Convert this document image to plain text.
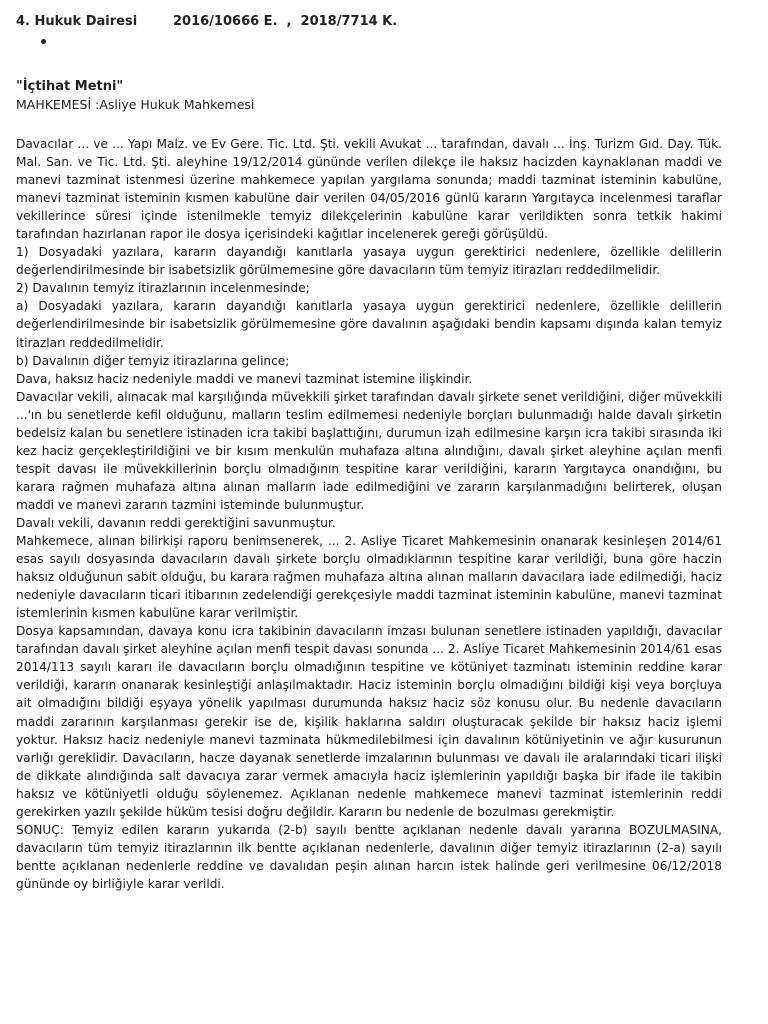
4. Hukuk Dairesi	2016/10666 E.  ,  2018/7714 K.
"İçtihat Metni"
MAHKEMESİ :Asliye Hukuk Mahkemesi

Davacılar ... ve ... Yapı Malz. ve Ev Gere. Tic. Ltd. Şti. vekili Avukat ... tarafından, davalı ... İnş. Turizm Gıd. Day. Tük. Mal. San. ve Tic. Ltd. Şti. aleyhine 19/12/2014 gününde verilen dilekçe ile haksız hacizden kaynaklanan maddi ve manevi tazminat istenmesi üzerine mahkemece yapılan yargılama sonunda; maddi tazminat isteminin kabulüne, manevi tazminat isteminin kısmen kabulüne dair verilen 04/05/2016 günlü kararın Yargıtayca incelenmesi taraflar vekillerince süresi içinde istenilmekle temyiz dilekçelerinin kabulüne karar verildikten sonra tetkik hakimi tarafından hazırlanan rapor ile dosya içerisindeki kağıtlar incelenerek gereği görüşüldü.

1) Dosyadaki yazılara, kararın dayandığı kanıtlarla yasaya uygun gerektirici nedenlere, özellikle delillerin değerlendirilmesinde bir isabetsizlik görülmemesine göre davacıların tüm temyiz itirazları reddedilmelidir.

2) Davalının temyiz itirazlarının incelenmesinde;

a) Dosyadaki yazılara, kararın dayandığı kanıtlarla yasaya uygun gerektirici nedenlere, özellikle delillerin değerlendirilmesinde bir isabetsizlik görülmemesine göre davalının aşağıdaki bendin kapsamı dışında kalan temyiz itirazları reddedilmelidir.

b) Davalının diğer temyiz itirazlarına gelince;

Dava, haksız haciz nedeniyle maddi ve manevi tazminat istemine ilişkindir.

Davacılar vekili, alınacak mal karşılığında müvekkili şirket tarafından davalı şirkete senet verildiğini, diğer müvekkili ...'ın bu senetlerde kefil olduğunu, malların teslim edilmemesi nedeniyle borçları bulunmadığı halde davalı şirketin bedelsiz kalan bu senetlere istinaden icra takibi başlattığını, durumun izah edilmesine karşın icra takibi sırasında iki kez haciz gerçekleştirildiğini ve bir kısım menkulün muhafaza altına alındığını, davalı şirket aleyhine açılan menfi tespit davası ile müvekkillerinin borçlu olmadığının tespitine karar verildiğini, kararın Yargıtayca onandığını, bu karara rağmen muhafaza altına alınan malların iade edilmediğini ve zararın karşılanmadığını belirterek, oluşan maddi ve manevi zararın tazmini isteminde bulunmuştur.

Davalı vekili, davanın reddi gerektiğini savunmuştur.

Mahkemece, alınan bilirkişi raporu benimsenerek, ... 2. Asliye Ticaret Mahkemesinin onanarak kesinleşen 2014/61 esas sayılı dosyasında davacıların davalı şirkete borçlu olmadıklarının tespitine karar verildiği, buna göre haczin haksız olduğunun sabit olduğu, bu karara rağmen muhafaza altına alınan malların davacılara iade edilmediği, haciz nedeniyle davacıların ticari itibarının zedelendiği gerekçesiyle maddi tazminat isteminin kabulüne, manevi tazminat istemlerinin kısmen kabulüne karar verilmiştir.

Dosya kapsamından, davaya konu icra takibinin davacıların imzası bulunan senetlere istinaden yapıldığı, davacılar tarafından davalı şirket aleyhine açılan menfi tespit davası sonunda ... 2. Asliye Ticaret Mahkemesinin 2014/61 esas 2014/113 sayılı kararı ile davacıların borçlu olmadığının tespitine ve kötüniyet tazminatı isteminin reddine karar verildiği, kararın onanarak kesinleştiği anlaşılmaktadır. Haciz isteminin borçlu olmadığını bildiği kişi veya borçluya ait olmadığını bildiği eşyaya yönelik yapılması durumunda haksız haciz söz konusu olur. Bu nedenle davacıların maddi zararının karşılanması gerekir ise de, kişilik haklarına saldırı oluşturacak şekilde bir haksız haciz işlemi yoktur. Haksız haciz nedeniyle manevi tazminata hükmedilebilmesi için davalının kötüniyetinin ve ağır kusurunun varlığı gereklidir. Davacıların, hacze dayanak senetlerde imzalarının bulunması ve davalı ile aralarındaki ticari ilişki de dikkate alındığında salt davacıya zarar vermek amacıyla haciz işlemlerinin yapıldığı başka bir ifade ile takibin haksız ve kötüniyetli olduğu söylenemez. Açıklanan nedenle mahkemece manevi tazminat istemlerinin reddi gerekirken yazılı şekilde hüküm tesisi doğru değildir. Kararın bu nedenle de bozulması gerekmiştir.

SONUÇ: Temyiz edilen kararın yukarıda (2-b) sayılı bentte açıklanan nedenle davalı yararına BOZULMASINA, davacıların tüm temyiz itirazlarının ilk bentte açıklanan nedenlerle, davalının diğer temyiz itirazlarının (2-a) sayılı bentte açıklanan nedenlerle reddine ve davalıdan peşin alınan harcın istek halinde geri verilmesine 06/12/2018 gününde oy birliğiyle karar verildi.
